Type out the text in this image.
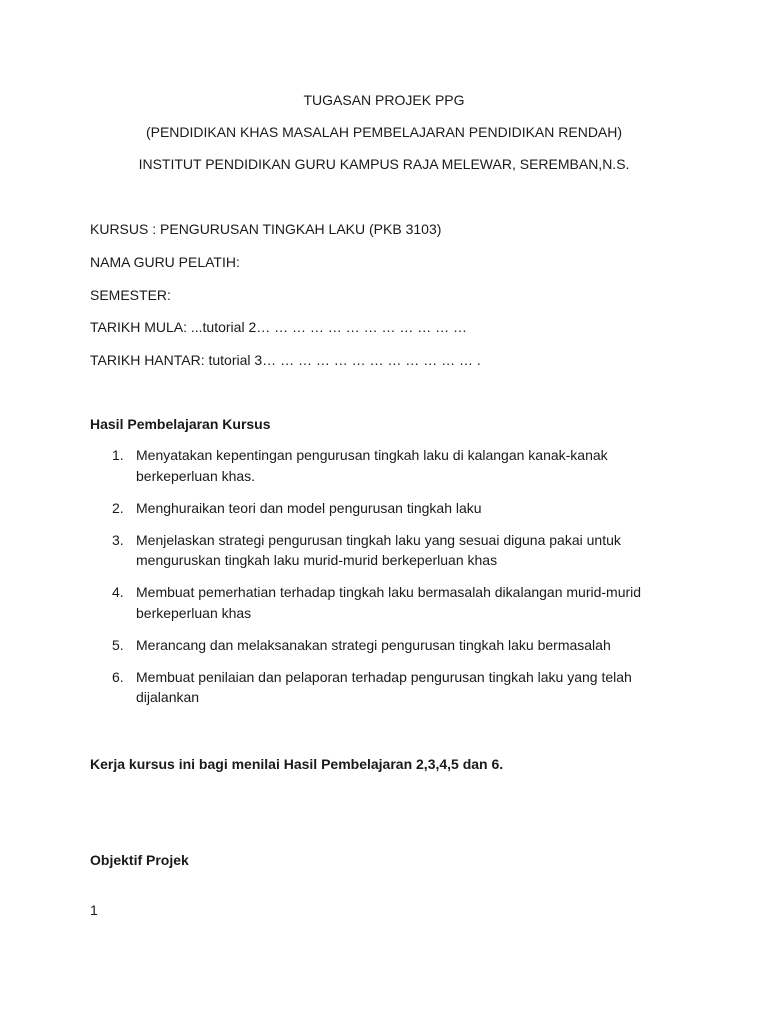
TUGASAN PROJEK PPG
(PENDIDIKAN KHAS MASALAH PEMBELAJARAN PENDIDIKAN RENDAH)
INSTITUT PENDIDIKAN GURU KAMPUS RAJA MELEWAR, SEREMBAN,N.S.
KURSUS : PENGURUSAN TINGKAH LAKU (PKB 3103)
NAMA GURU PELATIH:
SEMESTER:
TARIKH MULA: ...tutorial 2… … … … … … … … … … … …
TARIKH HANTAR: tutorial 3… … … … … … … … … … … … .
Hasil Pembelajaran Kursus
1. Menyatakan kepentingan pengurusan tingkah laku di kalangan kanak-kanak berkeperluan khas.
2. Menghuraikan teori dan model pengurusan tingkah laku
3. Menjelaskan strategi pengurusan tingkah laku yang sesuai diguna pakai untuk menguruskan tingkah laku murid-murid berkeperluan khas
4. Membuat pemerhatian terhadap tingkah laku bermasalah dikalangan murid-murid berkeperluan khas
5. Merancang dan melaksanakan strategi pengurusan tingkah laku bermasalah
6. Membuat penilaian dan pelaporan terhadap pengurusan tingkah laku yang telah dijalankan
Kerja kursus ini bagi menilai Hasil Pembelajaran 2,3,4,5 dan 6.
Objektif Projek
1
